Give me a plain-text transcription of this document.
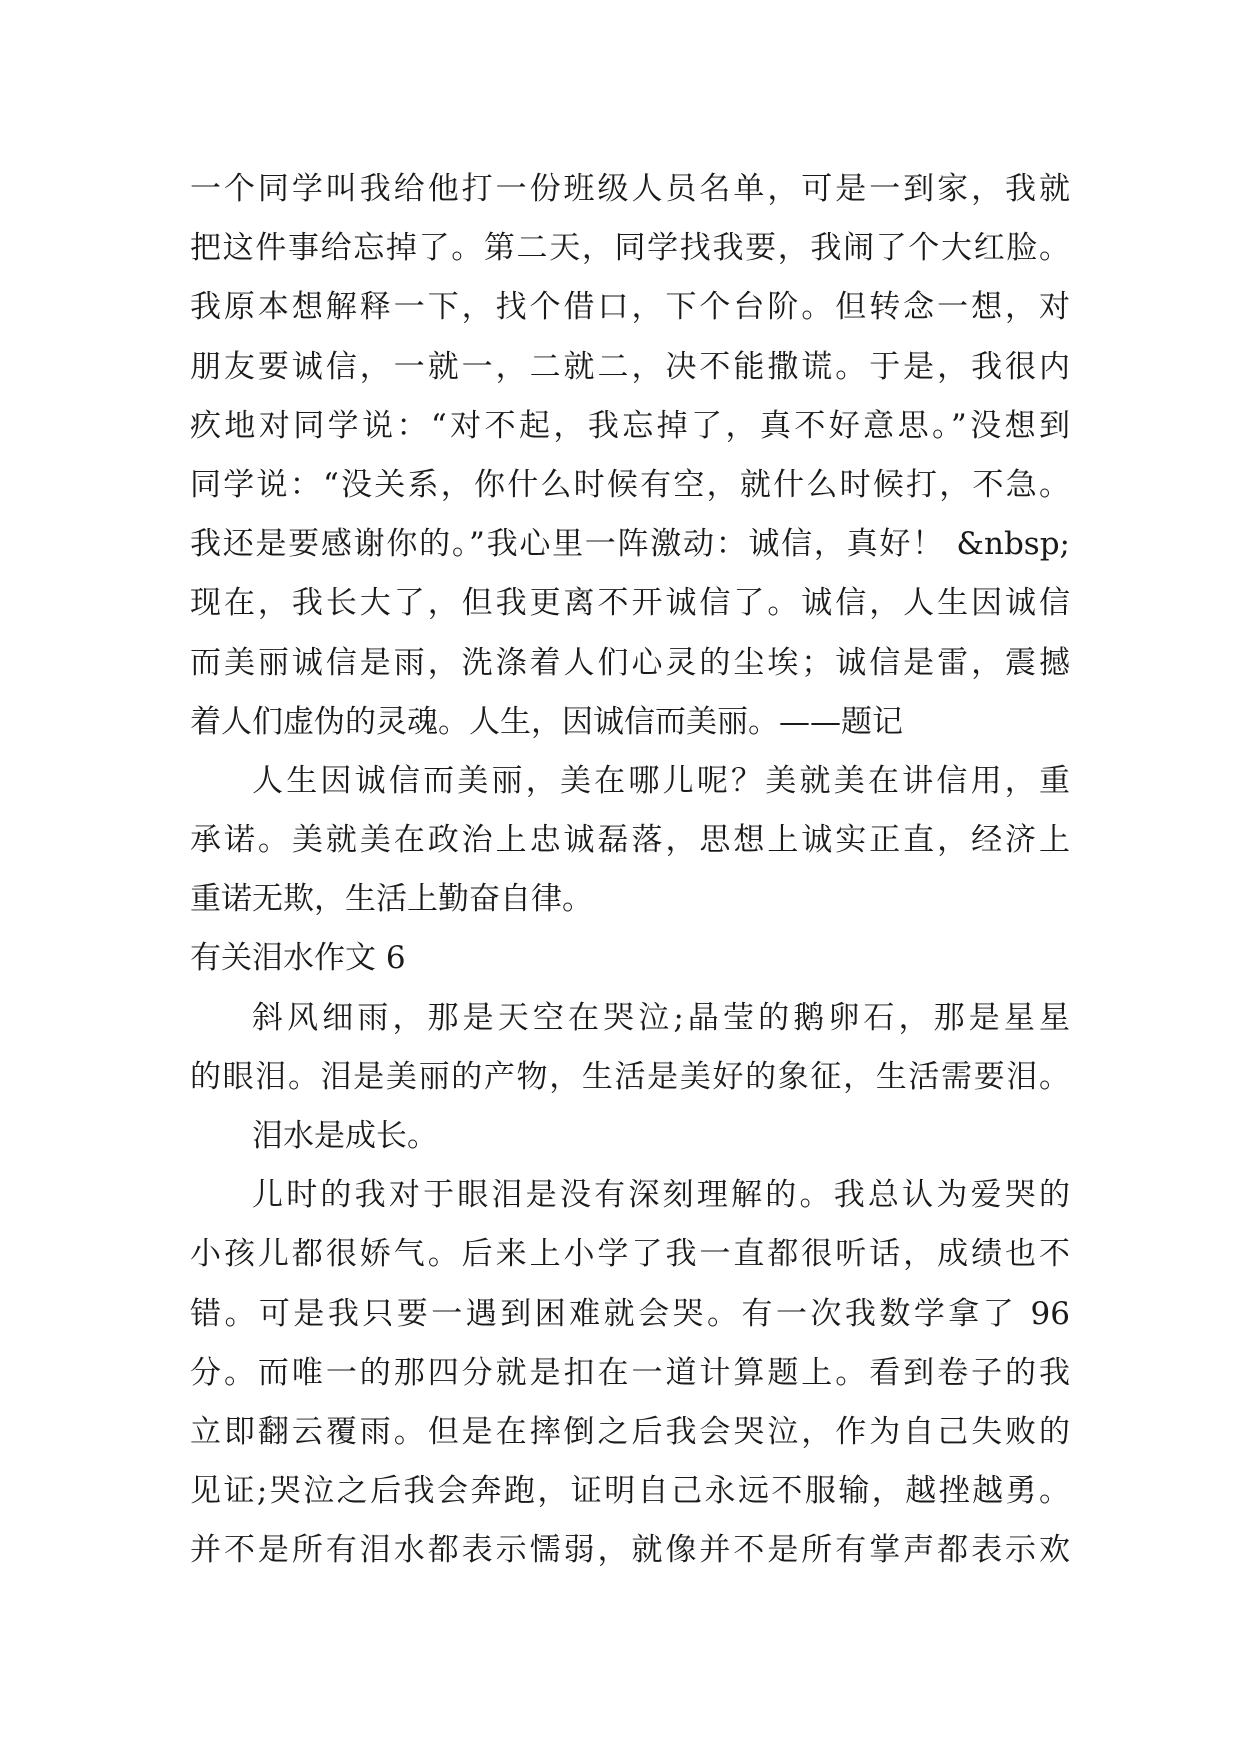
一个同学叫我给他打一份班级人员名单，可是一到家，我就
把这件事给忘掉了。第二天，同学找我要，我闹了个大红脸。
我原本想解释一下，找个借口，下个台阶。但转念一想，对
朋友要诚信，一就一，二就二，决不能撒谎。于是，我很内
疚地对同学说：“对不起，我忘掉了，真不好意思。”没想到
同学说：“没关系，你什么时候有空，就什么时候打，不急。
我还是要感谢你的。”我心里一阵激动：诚信，真好！ &nbsp;
现在，我长大了，但我更离不开诚信了。诚信，人生因诚信
而美丽诚信是雨，洗涤着人们心灵的尘埃；诚信是雷，震撼
着人们虚伪的灵魂。人生，因诚信而美丽。——题记
人生因诚信而美丽，美在哪儿呢？美就美在讲信用，重
承诺。美就美在政治上忠诚磊落，思想上诚实正直，经济上
重诺无欺，生活上勤奋自律。
有关泪水作文 6
斜风细雨，那是天空在哭泣;晶莹的鹅卵石，那是星星
的眼泪。泪是美丽的产物，生活是美好的象征，生活需要泪。
泪水是成长。
儿时的我对于眼泪是没有深刻理解的。我总认为爱哭的
小孩儿都很娇气。后来上小学了我一直都很听话，成绩也不
错。可是我只要一遇到困难就会哭。有一次我数学拿了 96
分。而唯一的那四分就是扣在一道计算题上。看到卷子的我
立即翻云覆雨。但是在摔倒之后我会哭泣，作为自己失败的
见证;哭泣之后我会奔跑，证明自己永远不服输，越挫越勇。
并不是所有泪水都表示懦弱，就像并不是所有掌声都表示欢
